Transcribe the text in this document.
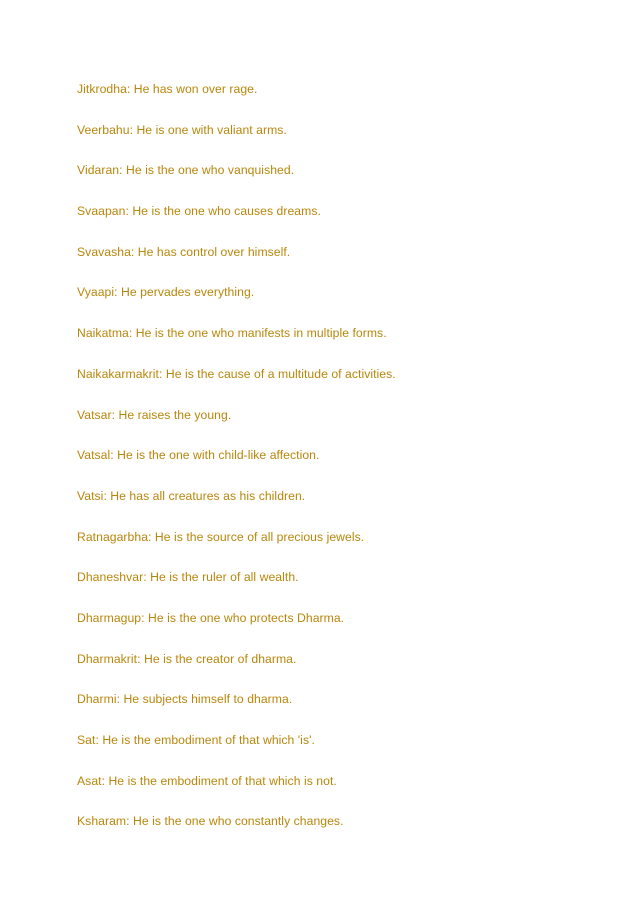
Jitkrodha: He has won over rage.
Veerbahu: He is one with valiant arms.
Vidaran: He is the one who vanquished.
Svaapan: He is the one who causes dreams.
Svavasha: He has control over himself.
Vyaapi: He pervades everything.
Naikatma: He is the one who manifests in multiple forms.
Naikakarmakrit: He is the cause of a multitude of activities.
Vatsar: He raises the young.
Vatsal: He is the one with child-like affection.
Vatsi: He has all creatures as his children.
Ratnagarbha: He is the source of all precious jewels.
Dhaneshvar: He is the ruler of all wealth.
Dharmagup: He is the one who protects Dharma.
Dharmakrit: He is the creator of dharma.
Dharmi: He subjects himself to dharma.
Sat: He is the embodiment of that which 'is'.
Asat: He is the embodiment of that which is not.
Ksharam: He is the one who constantly changes.
